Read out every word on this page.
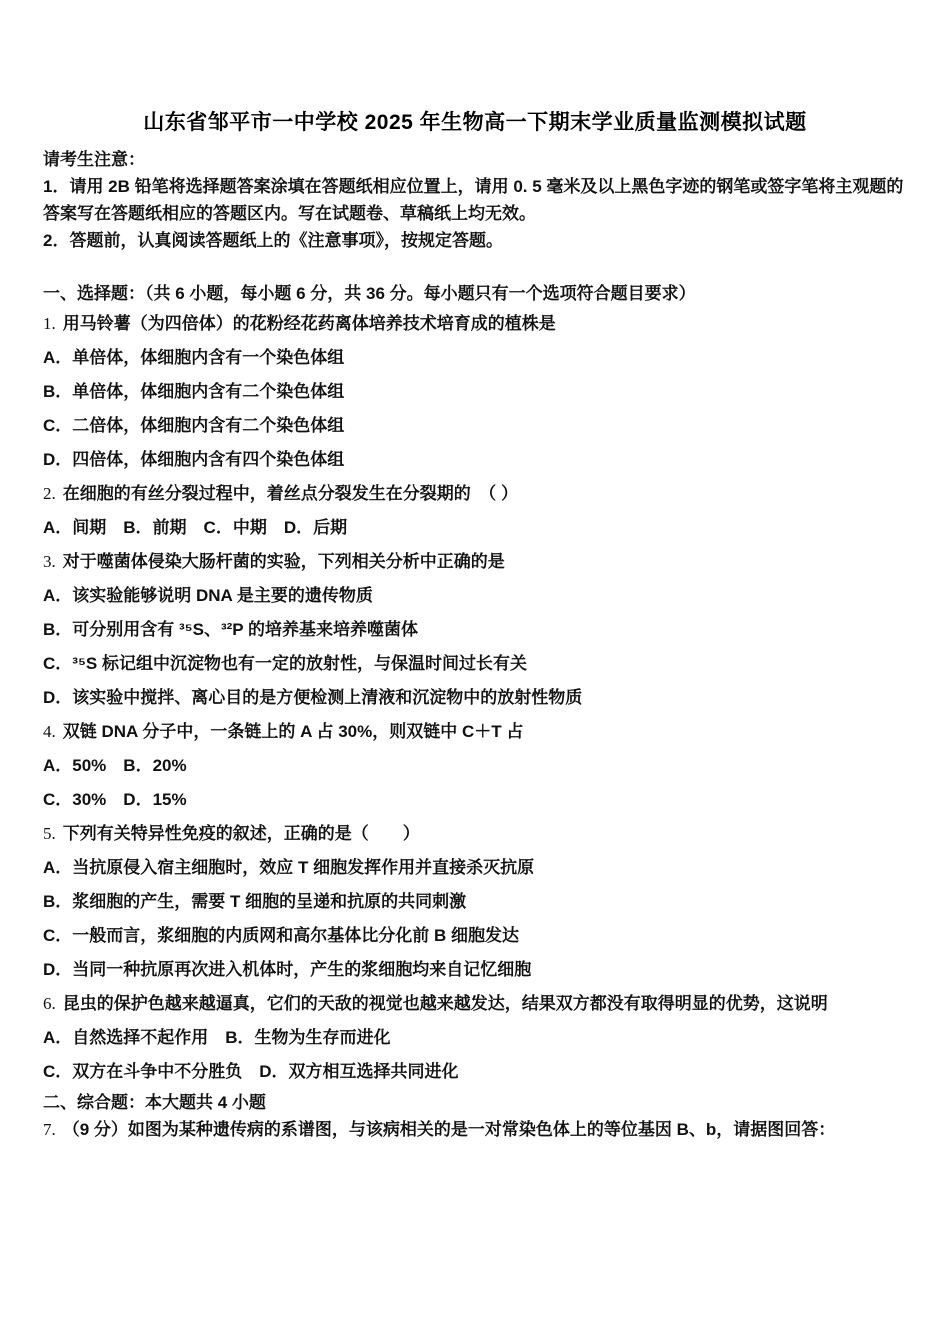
山东省邹平市一中学校 2025 年生物高一下期末学业质量监测模拟试题
请考生注意：
1．请用 2B 铅笔将选择题答案涂填在答题纸相应位置上，请用 0. 5 毫米及以上黑色字迹的钢笔或签字笔将主观题的答案写在答题纸相应的答题区内。写在试题卷、草稿纸上均无效。
2．答题前，认真阅读答题纸上的《注意事项》，按规定答题。
一、选择题：（共 6 小题，每小题 6 分，共 36 分。每小题只有一个选项符合题目要求）
1. 用马铃薯（为四倍体）的花粉经花药离体培养技术培育成的植株是
A．单倍体，体细胞内含有一个染色体组
B．单倍体，体细胞内含有二个染色体组
C．二倍体，体细胞内含有二个染色体组
D．四倍体，体细胞内含有四个染色体组
2. 在细胞的有丝分裂过程中，着丝点分裂发生在分裂期的　（ ）
A．间期　B．前期　C．中期　D．后期
3. 对于噬菌体侵染大肠杆菌的实验，下列相关分析中正确的是
A．该实验能够说明 DNA 是主要的遗传物质
B．可分别用含有 ³⁵S、³²P 的培养基来培养噬菌体
C．³⁵S 标记组中沉淀物也有一定的放射性，与保温时间过长有关
D．该实验中搅拌、离心目的是方便检测上清液和沉淀物中的放射性物质
4. 双链 DNA 分子中，一条链上的 A 占 30%，则双链中 C＋T 占
A．50%　B．20%
C．30%　D．15%
5. 下列有关特异性免疫的叙述，正确的是（　　）
A．当抗原侵入宿主细胞时，效应 T 细胞发挥作用并直接杀灭抗原
B．浆细胞的产生，需要 T 细胞的呈递和抗原的共同刺激
C．一般而言，浆细胞的内质网和高尔基体比分化前 B 细胞发达
D．当同一种抗原再次进入机体时，产生的浆细胞均来自记忆细胞
6. 昆虫的保护色越来越逼真，它们的天敌的视觉也越来越发达，结果双方都没有取得明显的优势，这说明
A．自然选择不起作用　B．生物为生存而进化
C．双方在斗争中不分胜负　D．双方相互选择共同进化
二、综合题：本大题共 4 小题
7. （9 分）如图为某种遗传病的系谱图，与该病相关的是一对常染色体上的等位基因 B、b，请据图回答：
